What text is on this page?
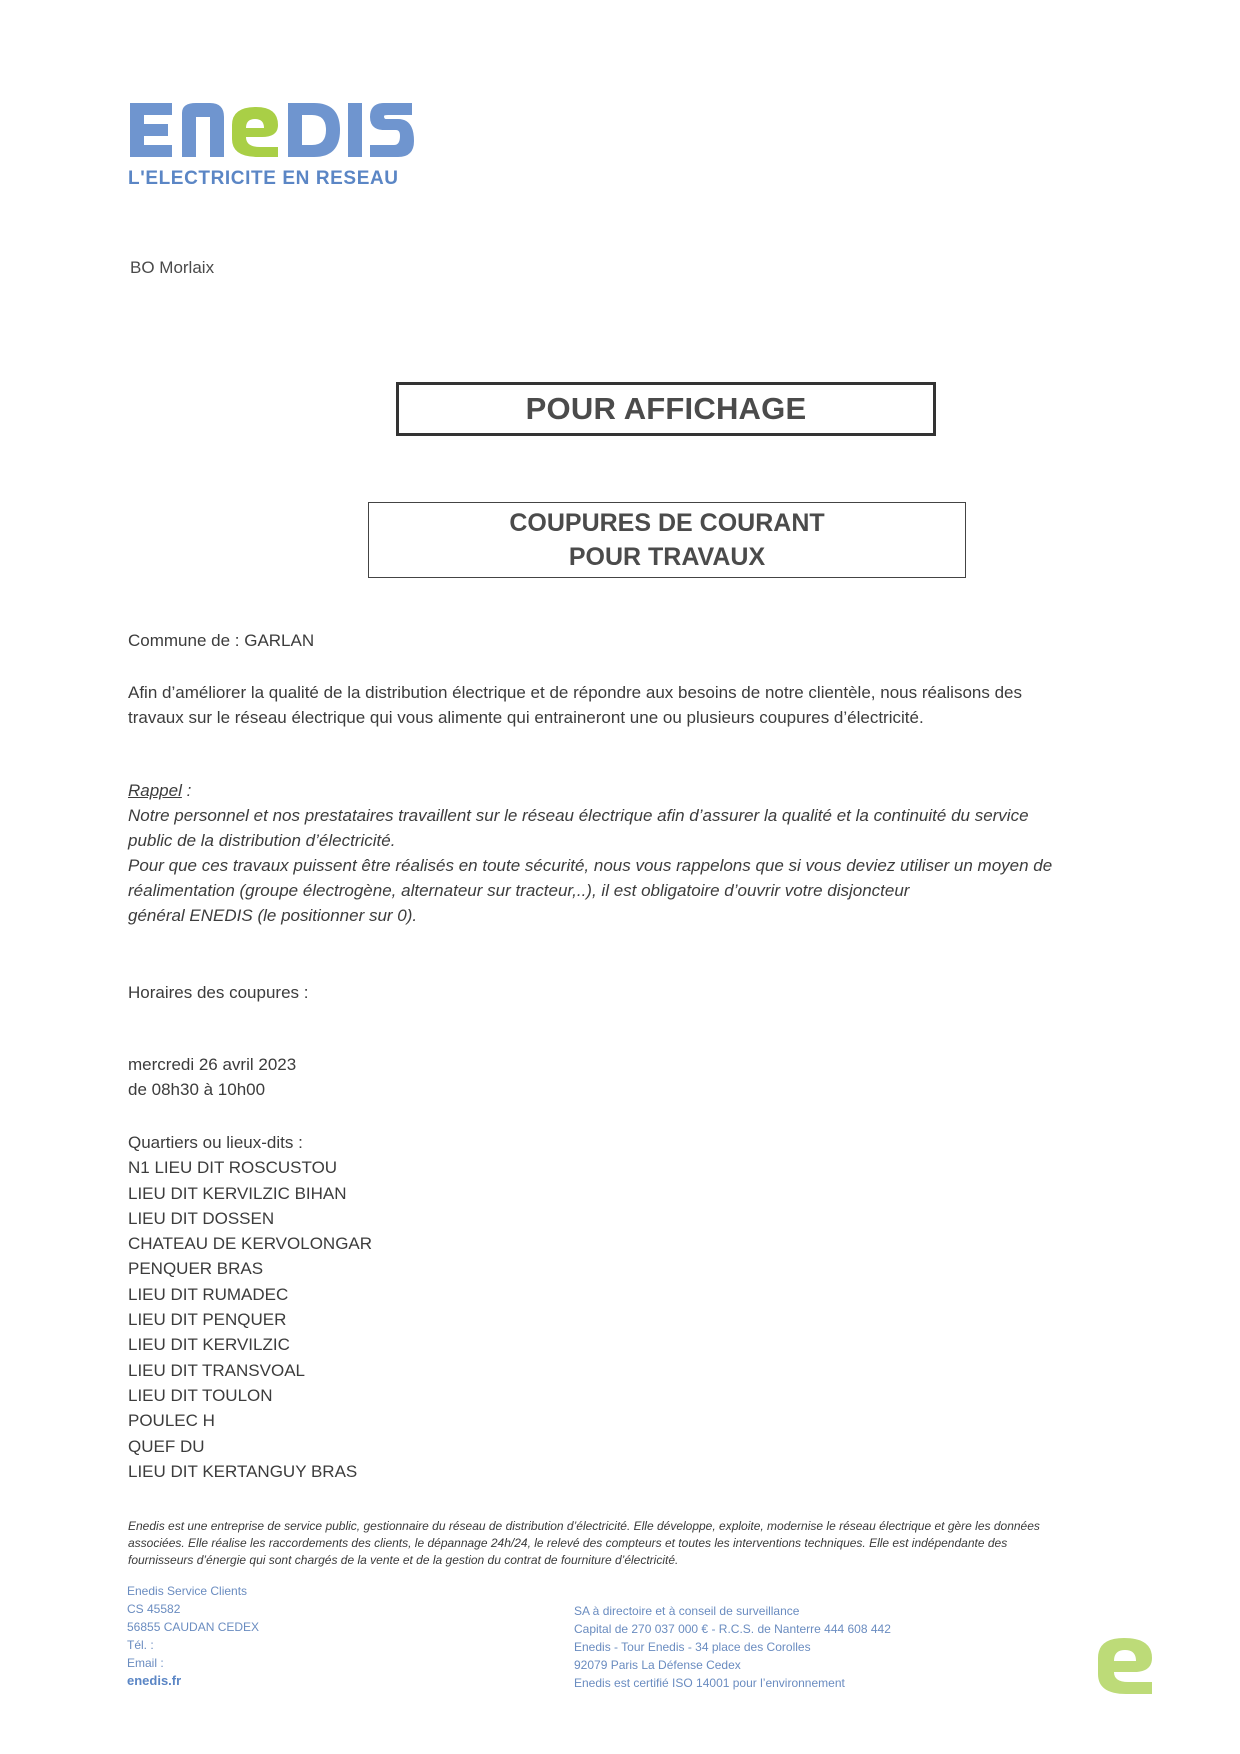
L'ELECTRICITE EN RESEAU
BO Morlaix
POUR AFFICHAGE
COUPURES DE COURANT
POUR TRAVAUX
Commune de : GARLAN
Afin d’améliorer la qualité de la distribution électrique et de répondre aux besoins de notre clientèle, nous réalisons des
travaux sur le réseau électrique qui vous alimente qui entraineront une ou plusieurs coupures d’électricité.
Rappel :
Notre personnel et nos prestataires travaillent sur le réseau électrique afin d’assurer la qualité et la continuité du service
public de la distribution d’électricité.
Pour que ces travaux puissent être réalisés en toute sécurité, nous vous rappelons que si vous deviez utiliser un moyen de
réalimentation (groupe électrogène, alternateur sur tracteur,..), il est obligatoire d’ouvrir votre disjoncteur
général ENEDIS (le positionner sur 0).
Horaires des coupures :
mercredi 26 avril 2023
de 08h30 à 10h00
Quartiers ou lieux-dits :
N1 LIEU DIT ROSCUSTOU
LIEU DIT KERVILZIC BIHAN
LIEU DIT DOSSEN
CHATEAU DE KERVOLONGAR
PENQUER BRAS
LIEU DIT RUMADEC
LIEU DIT PENQUER
LIEU DIT KERVILZIC
LIEU DIT TRANSVOAL
LIEU DIT TOULON
POULEC H
QUEF DU
LIEU DIT KERTANGUY BRAS
Enedis est une entreprise de service public, gestionnaire du réseau de distribution d’électricité. Elle développe, exploite, modernise le réseau électrique et gère les données
associées. Elle réalise les raccordements des clients, le dépannage 24h/24, le relevé des compteurs et toutes les interventions techniques. Elle est indépendante des
fournisseurs d’énergie qui sont chargés de la vente et de la gestion du contrat de fourniture d’électricité.
Enedis Service Clients
CS 45582
56855 CAUDAN CEDEX
Tél. :
Email :
enedis.fr
SA à directoire et à conseil de surveillance
Capital de 270 037 000 € - R.C.S. de Nanterre 444 608 442
Enedis - Tour Enedis - 34 place des Corolles
92079 Paris La Défense Cedex
Enedis est certifié ISO 14001 pour l’environnement
